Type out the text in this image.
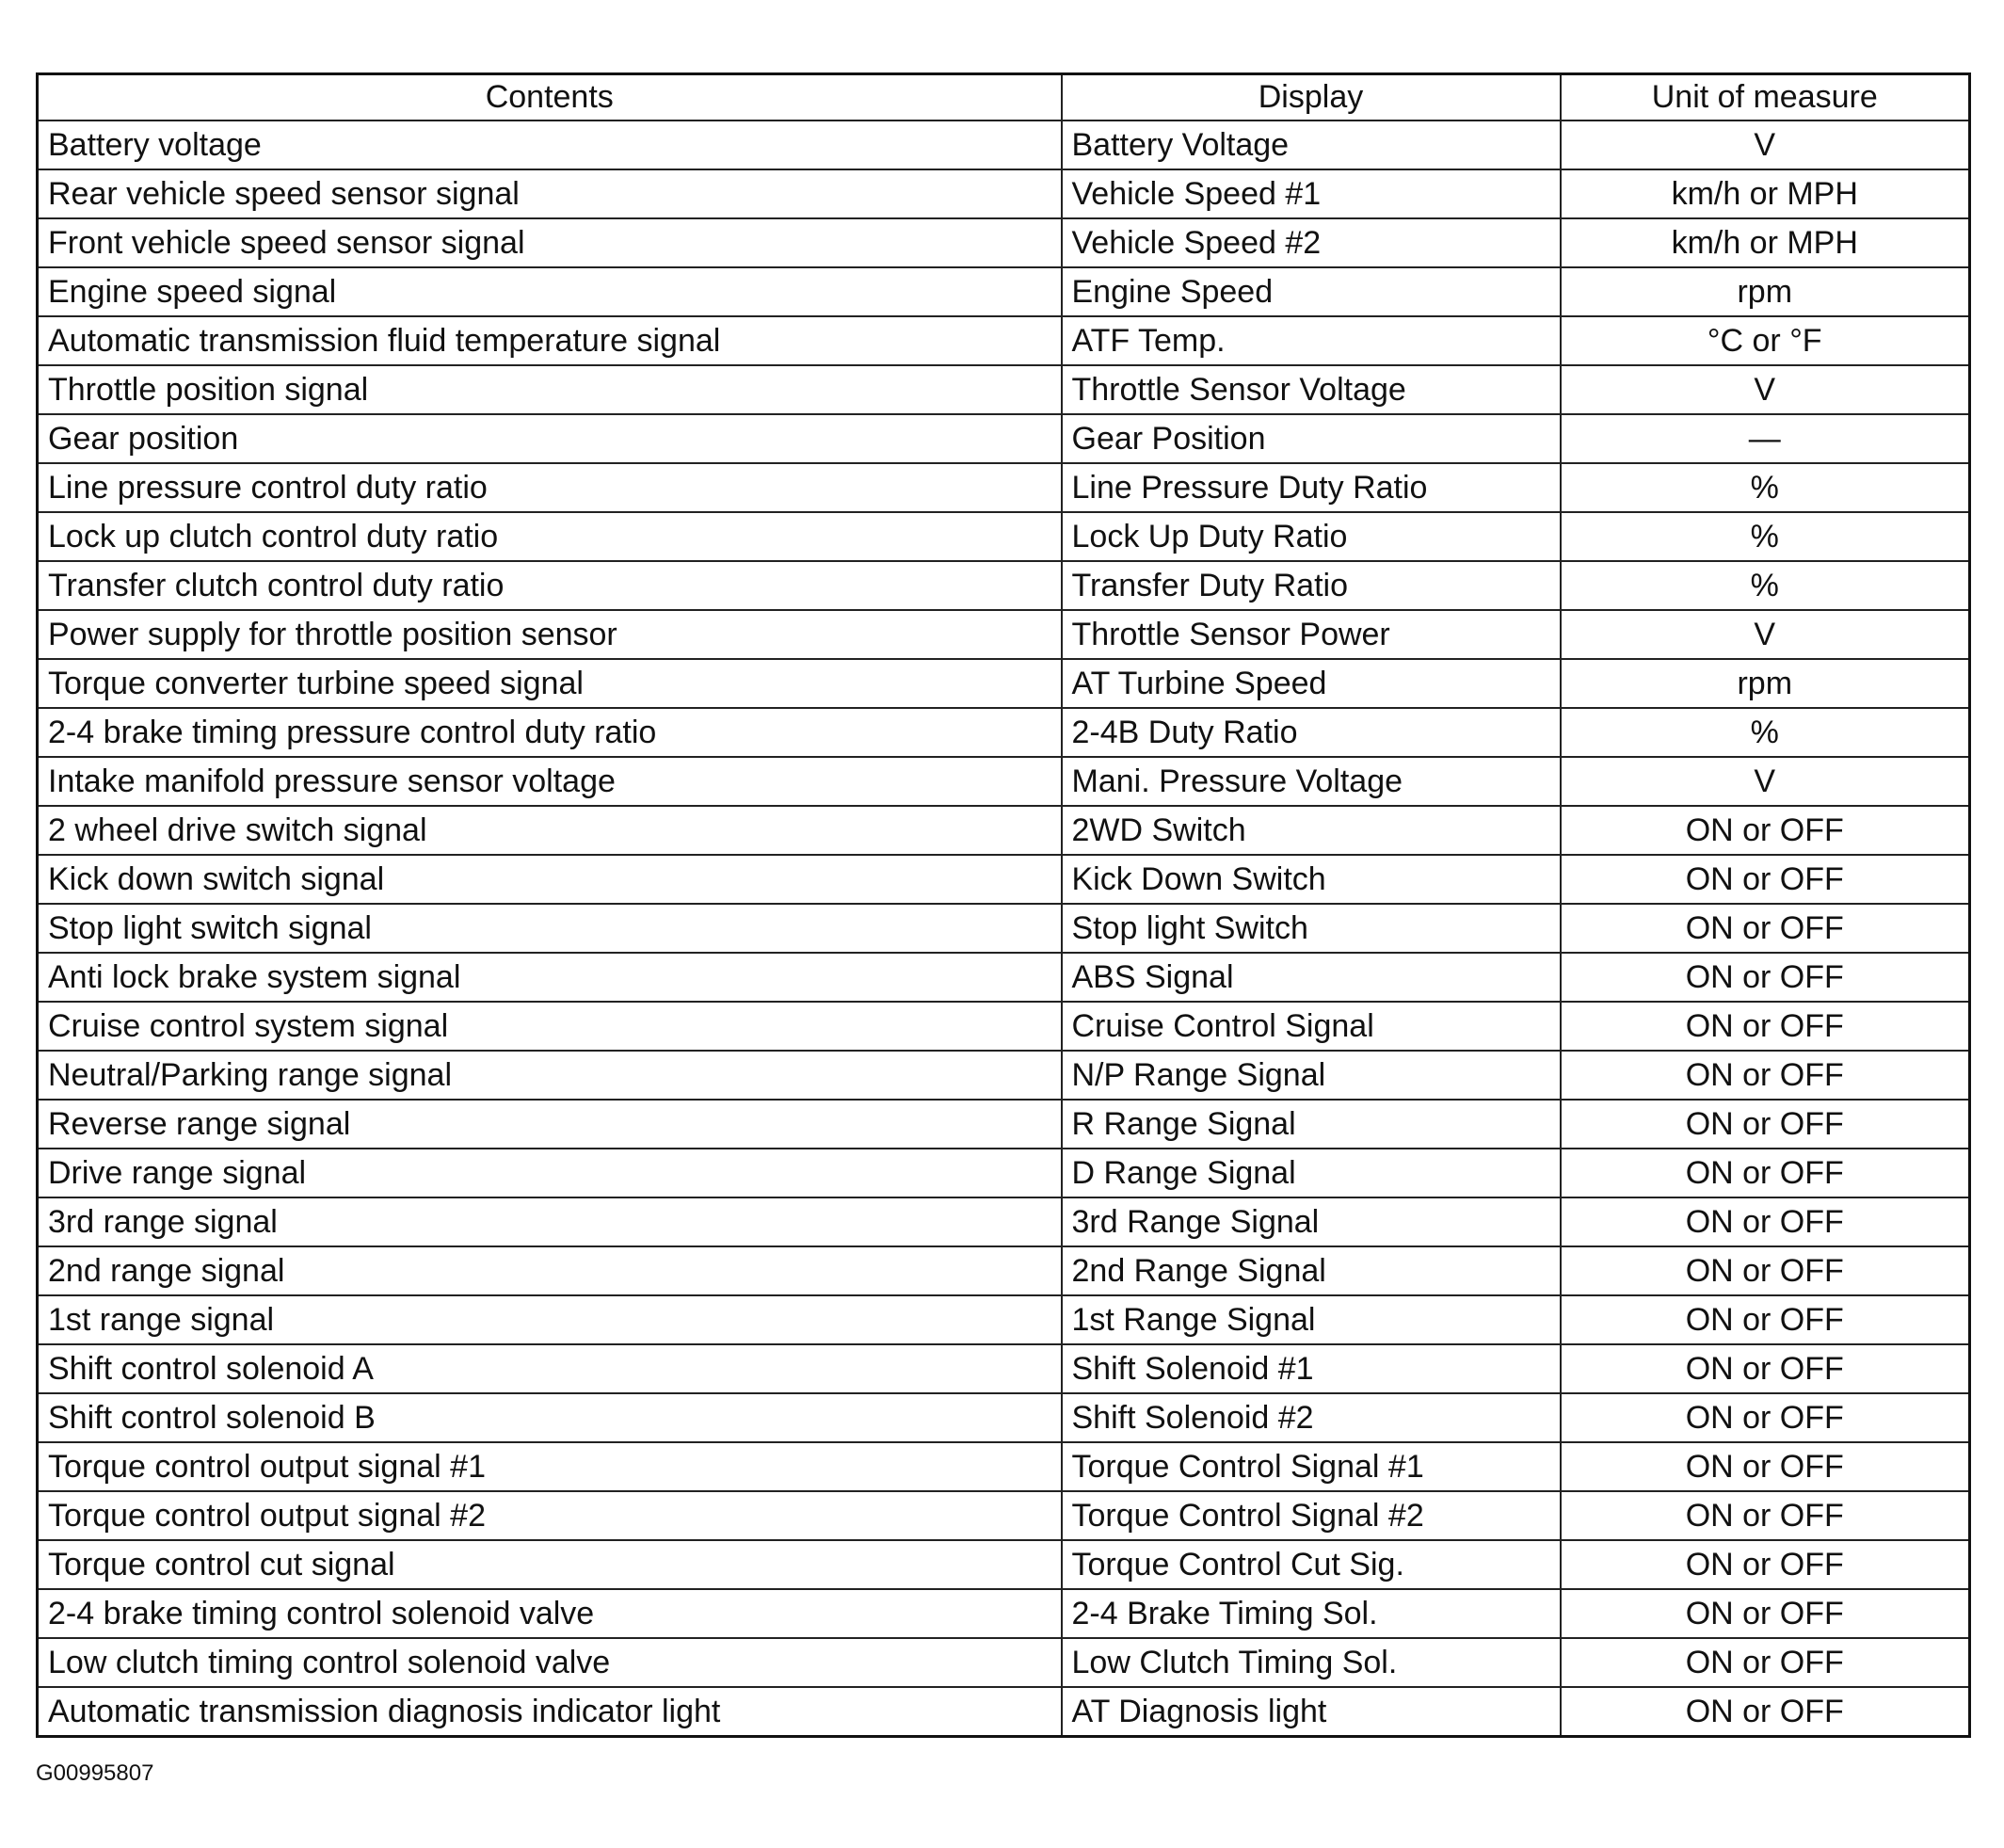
Contents	Display	Unit of measure
Battery voltage	Battery Voltage	V
Rear vehicle speed sensor signal	Vehicle Speed #1	km/h or MPH
Front vehicle speed sensor signal	Vehicle Speed #2	km/h or MPH
Engine speed signal	Engine Speed	rpm
Automatic transmission fluid temperature signal	ATF Temp.	°C or °F
Throttle position signal	Throttle Sensor Voltage	V
Gear position	Gear Position	—
Line pressure control duty ratio	Line Pressure Duty Ratio	%
Lock up clutch control duty ratio	Lock Up Duty Ratio	%
Transfer clutch control duty ratio	Transfer Duty Ratio	%
Power supply for throttle position sensor	Throttle Sensor Power	V
Torque converter turbine speed signal	AT Turbine Speed	rpm
2-4 brake timing pressure control duty ratio	2-4B Duty Ratio	%
Intake manifold pressure sensor voltage	Mani. Pressure Voltage	V
2 wheel drive switch signal	2WD Switch	ON or OFF
Kick down switch signal	Kick Down Switch	ON or OFF
Stop light switch signal	Stop light Switch	ON or OFF
Anti lock brake system signal	ABS Signal	ON or OFF
Cruise control system signal	Cruise Control Signal	ON or OFF
Neutral/Parking range signal	N/P Range Signal	ON or OFF
Reverse range signal	R Range Signal	ON or OFF
Drive range signal	D Range Signal	ON or OFF
3rd range signal	3rd Range Signal	ON or OFF
2nd range signal	2nd Range Signal	ON or OFF
1st range signal	1st Range Signal	ON or OFF
Shift control solenoid A	Shift Solenoid #1	ON or OFF
Shift control solenoid B	Shift Solenoid #2	ON or OFF
Torque control output signal #1	Torque Control Signal #1	ON or OFF
Torque control output signal #2	Torque Control Signal #2	ON or OFF
Torque control cut signal	Torque Control Cut Sig.	ON or OFF
2-4 brake timing control solenoid valve	2-4 Brake Timing Sol.	ON or OFF
Low clutch timing control solenoid valve	Low Clutch Timing Sol.	ON or OFF
Automatic transmission diagnosis indicator light	AT Diagnosis light	ON or OFF
G00995807
